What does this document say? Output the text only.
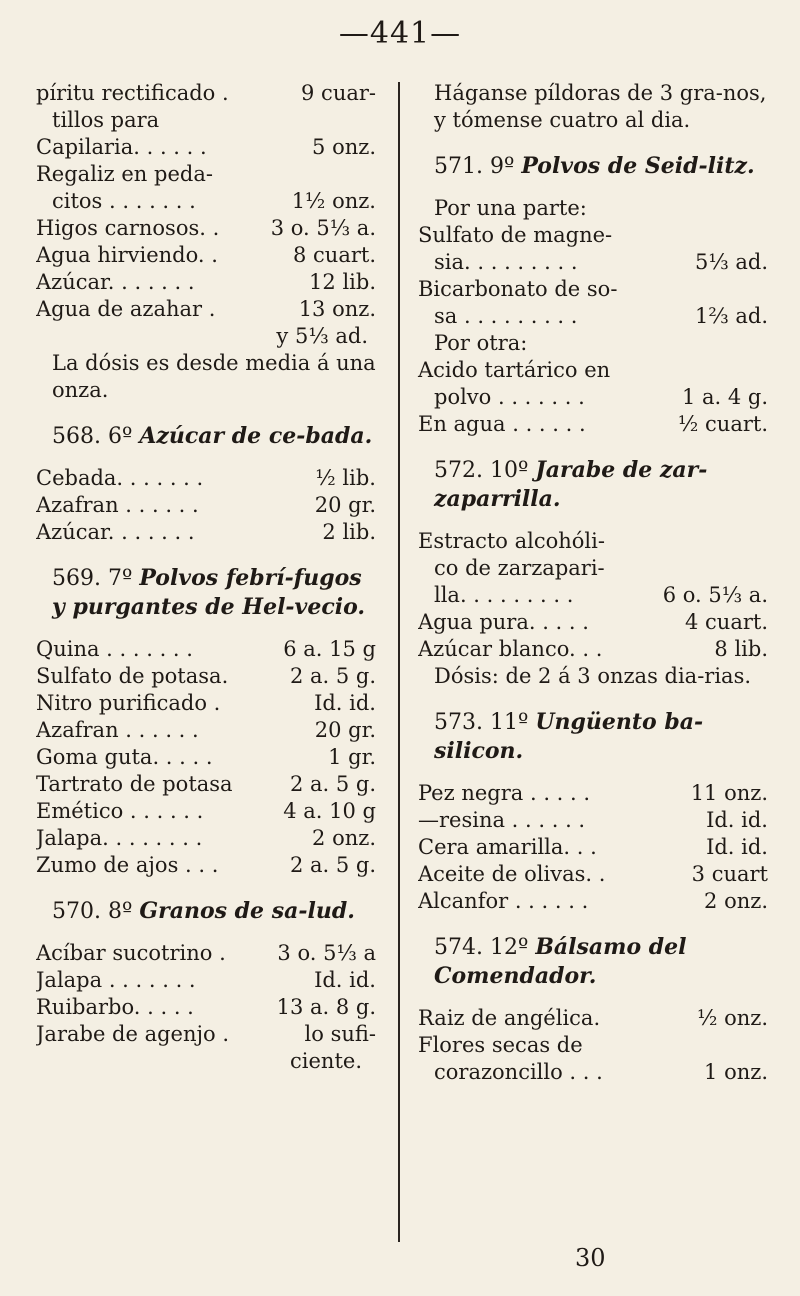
—441—
píritu rectificado .	9 cuar-
tillos para
Capilaria. . . . . .	5 onz.
Regaliz en peda-
citos . . . . . . .	1½ onz.
Higos carnosos. .	3 o. 5⅓ a.
Agua hirviendo. .	8 cuart.
Azúcar. . . . . . .	12 lib.
Agua de azahar .	13 onz.
y 5⅓ ad.
La dósis es desde media á una onza.
568. 6º Azúcar de ce-bada.
Cebada. . . . . . .	½ lib.
Azafran . . . . . .	20 gr.
Azúcar. . . . . . .	2 lib.
569. 7º Polvos febrí-fugos y purgantes de Hel-vecio.
Quina . . . . . . .	6 a. 15 g
Sulfato de potasa.	2 a. 5 g.
Nitro purificado .	Id. id.
Azafran . . . . . .	20 gr.
Goma guta. . . . .	1 gr.
Tartrato de potasa	2 a. 5 g.
Emético . . . . . .	4 a. 10 g
Jalapa. . . . . . . .	2 onz.
Zumo de ajos . . .	2 a. 5 g.
570. 8º Granos de sa-lud.
Acíbar sucotrino .	3 o. 5⅓ a
Jalapa . . . . . . .	Id. id.
Ruibarbo. . . . .	13 a. 8 g.
Jarabe de agenjo .	lo sufi-
ciente.
Háganse píldoras de 3 gra-nos, y tómense cuatro al dia.
571. 9º Polvos de Seid-litz.
Por una parte:
Sulfato de magne-
sia. . . . . . . . .	5⅓ ad.
Bicarbonato de so-
sa . . . . . . . . .	1⅔ ad.
Por otra:
Acido tartárico en
polvo . . . . . . .	1 a. 4 g.
En agua . . . . . .	½ cuart.
572. 10º Jarabe de zar-zaparrilla.
Estracto alcohóli-
co de zarzapari-
lla. . . . . . . . .	6 o. 5⅓ a.
Agua pura. . . . .	4 cuart.
Azúcar blanco. . .	8 lib.
Dósis: de 2 á 3 onzas dia-rias.
573. 11º Ungüento ba-silicon.
Pez negra . . . . .	11 onz.
—resina . . . . . .	Id. id.
Cera amarilla. . .	Id. id.
Aceite de olivas. .	3 cuart
Alcanfor . . . . . .	2 onz.
574. 12º Bálsamo del Comendador.
Raiz de angélica.	½ onz.
Flores secas de
corazoncillo . . .	1 onz.
30
